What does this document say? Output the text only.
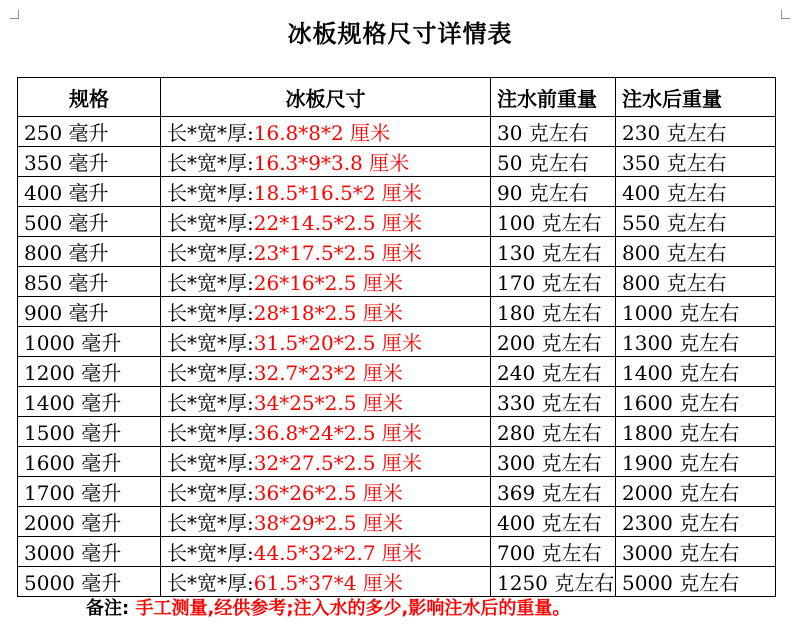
冰板规格尺寸详情表
规格	冰板尺寸	注水前重量	注水后重量
250 毫升	长*宽*厚:16.8*8*2 厘米	30 克左右	230 克左右
350 毫升	长*宽*厚:16.3*9*3.8 厘米	50 克左右	350 克左右
400 毫升	长*宽*厚:18.5*16.5*2 厘米	90 克左右	400 克左右
500 毫升	长*宽*厚:22*14.5*2.5 厘米	100 克左右	550 克左右
800 毫升	长*宽*厚:23*17.5*2.5 厘米	130 克左右	800 克左右
850 毫升	长*宽*厚:26*16*2.5 厘米	170 克左右	800 克左右
900 毫升	长*宽*厚:28*18*2.5 厘米	180 克左右	1000 克左右
1000 毫升	长*宽*厚:31.5*20*2.5 厘米	200 克左右	1300 克左右
1200 毫升	长*宽*厚:32.7*23*2 厘米	240 克左右	1400 克左右
1400 毫升	长*宽*厚:34*25*2.5 厘米	330 克左右	1600 克左右
1500 毫升	长*宽*厚:36.8*24*2.5 厘米	280 克左右	1800 克左右
1600 毫升	长*宽*厚:32*27.5*2.5 厘米	300 克左右	1900 克左右
1700 毫升	长*宽*厚:36*26*2.5 厘米	369 克左右	2000 克左右
2000 毫升	长*宽*厚:38*29*2.5 厘米	400 克左右	2300 克左右
3000 毫升	长*宽*厚:44.5*32*2.7 厘米	700 克左右	3000 克左右
5000 毫升	长*宽*厚:61.5*37*4 厘米	1250 克左右	5000 克左右
备注: 手工测量,经供参考;注入水的多少,影响注水后的重量。
